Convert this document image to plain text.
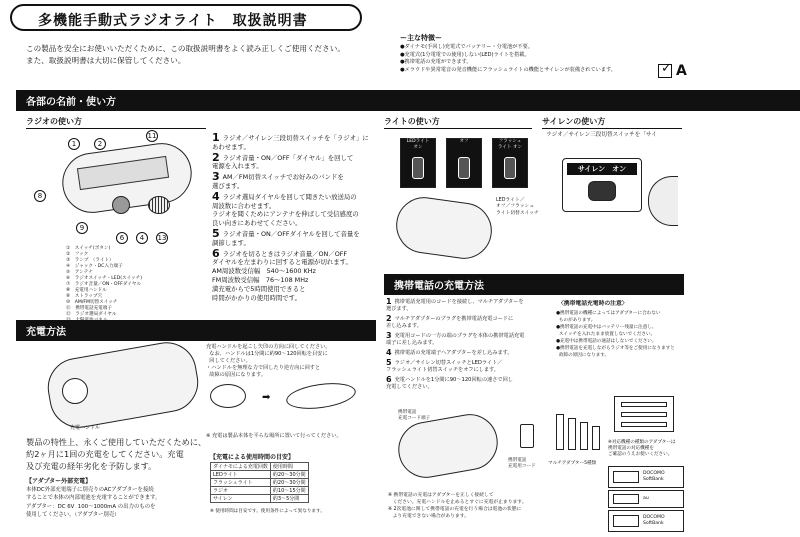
多機能手動式ラジオライト　取扱説明書
この製品を安全にお使いいただくために、この取扱説明書をよく読み正しくご使用ください。
また、取扱説明書は大切に保管してください。
ー主な特徴ー
●ダイナモ(手回し)充電式でバッテリー・分電池が不要。
●充電式(1分電電での使用)しない(LED)ライトを搭載。
●携帯電話の充電ができます。
●メラウドや異常電音の発音機能にフラッシュライトの機能とサイレンが装備されています。	✓ A
各部の名前・使い方
ラジオの使い方
1	2
11
8
9
6	4	13
①　スイッチ(ボタン)
②　フック
③　ランプ　（ライト）
④　ジャック・DC入力端子
⑤　アンテナ
⑥　ラジオスイッチ・LED(スイッチ)
⑦　ラジオ音量／ON・OFFダイヤル
⑧　充電用ハンドル
⑨　ストラップ穴
⑩　AM/FM切替スイッチ
⑪　携帯電話充電端子
⑫　ラジオ選局ダイヤル

1 ラジオ／サイレン三段切替スイッチを「ラジオ」に
あわせます。
2 ラジオ音量・ON／OFF「ダイヤル」を回して
電源を入れます。
3 AM／FM切替スイッチでお好みのバンドを
選びます。
4 ラジオ選局ダイヤルを回して聞きたい放送局の
周波数に合わせます。
ラジオを聞くためにアンテナを伸ばして受信感度の
良い向きにあわせてください。
5 ラジオ音量・ON／OFFダイヤルを回して音量を
調節します。
6 ラジオを切るときはラジオ音量／ON／OFF
ダイヤルを左まわりに回すると電源が切れます。
AM周波数受信幅　540〜1600 KHz
FM周波数受信幅　76〜108 MHz
満充電からで5時間使用できると
時間がかかりの使用時間です。
充電方法
充電ハンドル
充電ハンドルを起こし矢印の方向に回してください。
なお、ハンドルは1分間に約90〜120回転を目安に
回してください。
・ハンドルを無理な力で回したり逆方向に回すと
故障の原因になります。
➡
※ 充電は製品本体を平らな場所に置いて行ってください。
製品の特性上、永くご使用していただくために、
約2ヶ月に1回の充電をしてください。充電
及び充電の経年劣化を予防します。
【アダプター外部充電】
本体DC外部充電端子に別売りのACアダプターを接続
することで本体の内部電池を充電することができます。
アダプター：DC 6V  100〜1000mA の出力のものを
使用してください。（アダプター別売）
【充電による使用時間の目安】
ダイナモによる充電回数	使用時間
LEDライト	約20〜30分間
フラッシュライト	約20〜30分間
ラジオ	約10〜15分間
サイレン	約3〜5分間
※ 使用時間は目安です。使用条件によって異なります。
ライトの使い方
LEDライト
オン
オフ	フラッシュ
ライト オン
LEDライト／
オフ／フラッシュ
ライト切替スイッチ
サイレンの使い方
ラジオ／サイレン三段切替スイッチを「サイ
サイレン　オン
携帯電話の充電方法
1 携帯電話充電用のコードを接続し、マルチアダプターを
選びます。
2 マルチアダプターのプラグを携帯電話充電コードに
差し込みます。
3 充電用コードの一方の端のプラグを本体の携帯電話充電
端子に差し込みます。
4 携帯電話の充電端子へアダプターを差し込みます。
5 ラジオ／サイレン切替スイッチとLEDライト／
フラッシュライト切替スイッチをオフにします。
6 充電ハンドルを1分間に90〜120回転の速さで回し
充電してください。
携帯電話
充電コード端子
携帯電話
充電用コード
マルチアダプター5種類
※ 携帯電話の充電はアダプターを正しく接続して
ください。充電ハンドルを止めるとすぐに充電が止まります。
※ 2次電池に関して携帯電話の充電を行う場合は電池の状態に
より充電できない場合があります。
〈携帯電話充電時の注意〉
●携帯電話の機種によってはアダプターに合わない
ものがあります。
●携帯電話の充電中はバッテリー残量に注意し、
スイッチを入れたまま放置しないでください。
●充電中は携帯電話の通話はしないでください。
●携帯電話を充電しながらラジオ等をご使用になりますと
故障の原因になります。
※対応機種の種類のアダプターは
携帯電話の対応機種を
ご確認のうえお使いください。
DOCOMO
SoftBank
au
DOCOMO
SoftBank
